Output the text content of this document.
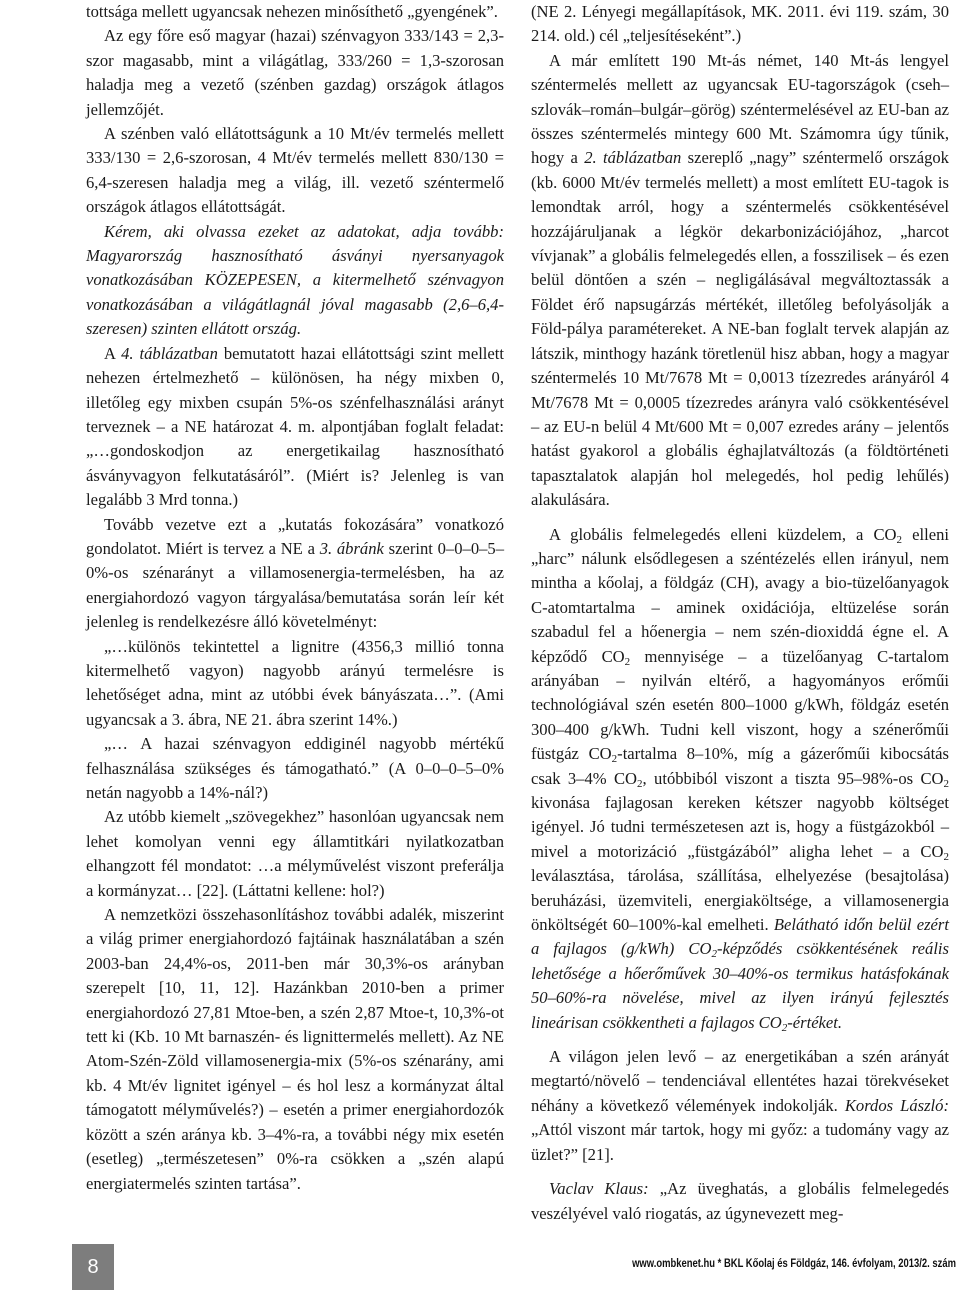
tottsága mellett ugyancsak nehezen minősíthető „gyengének”.

Az egy főre eső magyar (hazai) szénvagyon 333/143 = 2,3-szor magasabb, mint a világátlag, 333/260 = 1,3-szorosan haladja meg a vezető (szénben gazdag) országok átlagos jellemzőjét.

A szénben való ellátottságunk a 10 Mt/év termelés mellett 333/130 = 2,6-szorosan, 4 Mt/év termelés mellett 830/130 = 6,4-szeresen haladja meg a világ, ill. vezető széntermelő országok átlagos ellátottságát.

Kérem, aki olvassa ezeket az adatokat, adja tovább: Magyarország hasznosítható ásványi nyersanyagok vonatkozásában KÖZEPESEN, a kitermelhető szénvagyon vonatkozásában a világátlagnál jóval magasabb (2,6–6,4-szeresen) szinten ellátott ország.

A 4. táblázatban bemutatott hazai ellátottsági szint mellett nehezen értelmezhető – különösen, ha négy mixben 0, illetőleg egy mixben csupán 5%-os szénfelhasználási arányt terveznek – a NE határozat 4. m. alpontjában foglalt feladat: „…gondoskodjon az energetikailag hasznosítható ásványvagyon felkutatásáról”. (Miért is? Jelenleg is van legalább 3 Mrd tonna.)

Tovább vezetve ezt a „kutatás fokozására” vonatkozó gondolatot. Miért is tervez a NE a 3. ábránk szerint 0–0–0–5–0%-os szénarányt a villamosenergia-termelésben, ha az energiahordozó vagyon tárgyalása/bemutatása során leír két jelenleg is rendelkezésre álló követelményt:

„…különös tekintettel a lignitre (4356,3 millió tonna kitermelhető vagyon) nagyobb arányú termelésre is lehetőséget adna, mint az utóbbi évek bányászata…”. (Ami ugyancsak a 3. ábra, NE 21. ábra szerint 14%.)

„… A hazai szénvagyon eddiginél nagyobb mértékű felhasználása szükséges és támogatható.” (A 0–0–0–5–0% netán nagyobb a 14%-nál?)

Az utóbb kiemelt „szövegekhez” hasonlóan ugyancsak nem lehet komolyan venni egy államtitkári nyilatkozatban elhangzott fél mondatot: …a mélyművelést viszont preferálja a kormányzat… [22]. (Láttatni kellene: hol?)

A nemzetközi összehasonlításhoz további adalék, miszerint a világ primer energiahordozó fajtáinak használatában a szén 2003-ban 24,4%-os, 2011-ben már 30,3%-os arányban szerepelt [10, 11, 12]. Hazánkban 2010-ben a primer energiahordozó 27,81 Mtoe-ben, a szén 2,87 Mtoe-t, 10,3%-ot tett ki (Kb. 10 Mt barnaszén- és lignittermelés mellett). Az NE Atom-Szén-Zöld villamosenergia-mix (5%-os szénarány, ami kb. 4 Mt/év lignitet igényel – és hol lesz a kormányzat által támogatott mélyművelés?) – esetén a primer energiahordozók között a szén aránya kb. 3–4%-ra, a további négy mix esetén (esetleg) „természetesen” 0%-ra csökken a „szén alapú energiatermelés szinten tartása”.

(NE 2. Lényegi megállapítások, MK. 2011. évi 119. szám, 30 214. old.) cél „teljesítéseként”.)

A már említett 190 Mt-ás német, 140 Mt-ás lengyel széntermelés mellett az ugyancsak EU-tagországok (cseh–szlovák–román–bulgár–görög) széntermelésével az EU-ban az összes széntermelés mintegy 600 Mt. Számomra úgy tűnik, hogy a 2. táblázatban szereplő „nagy” széntermelő országok (kb. 6000 Mt/év termelés mellett) a most említett EU-tagok is lemondtak arról, hogy a széntermelés csökkentésével hozzájáruljanak a légkör dekarbonizációjához, „harcot vívjanak” a globális felmelegedés ellen, a fosszilisek – és ezen belül döntően a szén – negligálásával megváltoztassák a Földet érő napsugárzás mértékét, illetőleg befolyásolják a Föld-pálya paramétereket. A NE-ban foglalt tervek alapján az látszik, minthogy hazánk töretlenül hisz abban, hogy a magyar széntermelés 10 Mt/7678 Mt = 0,0013 tízezredes arányáról 4 Mt/7678 Mt = 0,0005 tízezredes arányra való csökkentésével – az EU-n belül 4 Mt/600 Mt = 0,007 ezredes arány – jelentős hatást gyakorol a globális éghajlatváltozás (a földtörténeti tapasztalatok alapján hol melegedés, hol pedig lehűlés) alakulására.

A globális felmelegedés elleni küzdelem, a $CO_2$ elleni „harc” nálunk elsődlegesen a széntézelés ellen irányul, nem mintha a kőolaj, a földgáz (CH), avagy a bio-tüzelőanyagok C-atomtartalma – aminek oxidációja, eltüzelése során szabadul fel a hőenergia – nem szén-dioxiddá égne el. A képződő $CO_2$ mennyisége – a tüzelőanyag C-tartalom arányában – nyilván eltérő, a hagyományos erőműi technológiával szén esetén 800–1000 g/kWh, földgáz esetén 300–400 g/kWh. Tudni kell viszont, hogy a szénerőműi füstgáz $CO_2$-tartalma 8–10%, míg a gázerőműi kibocsátás csak 3–4% $CO_2$, utóbbiból viszont a tiszta 95–98%-os $CO_2$ kivonása fajlagosan kereken kétszer nagyobb költséget igényel. Jó tudni természetesen azt is, hogy a füstgázokból – mivel a motorizáció „füstgázából” aligha lehet – a $CO_2$ leválasztása, tárolása, szállítása, elhelyezése (besajtolása) beruházási, üzemviteli, energiaköltsége, a villamosenergia önköltségét 60–100%-kal emelheti. Belátható időn belül ezért a fajlagos (g/kWh) $CO_2$-képződés csökkentésének reális lehetősége a hőerőművek 30–40%-os termikus hatásfokának 50–60%-ra növelése, mivel az ilyen irányú fejlesztés lineárisan csökkentheti a fajlagos $CO_2$-értéket.

A világon jelen levő – az energetikában a szén arányát megtartó/növelő – tendenciával ellentétes hazai törekvéseket néhány a következő vélemények indokolják. Kordos László: „Attól viszont már tartok, hogy mi győz: a tudomány vagy az üzlet?” [21].

Vaclav Klaus: „Az üveghatás, a globális felmelegedés veszélyével való riogatás, az úgynevezett meg-

8	www.ombkenet.hu * BKL Kőolaj és Földgáz, 146. évfolyam, 2013/2. szám
